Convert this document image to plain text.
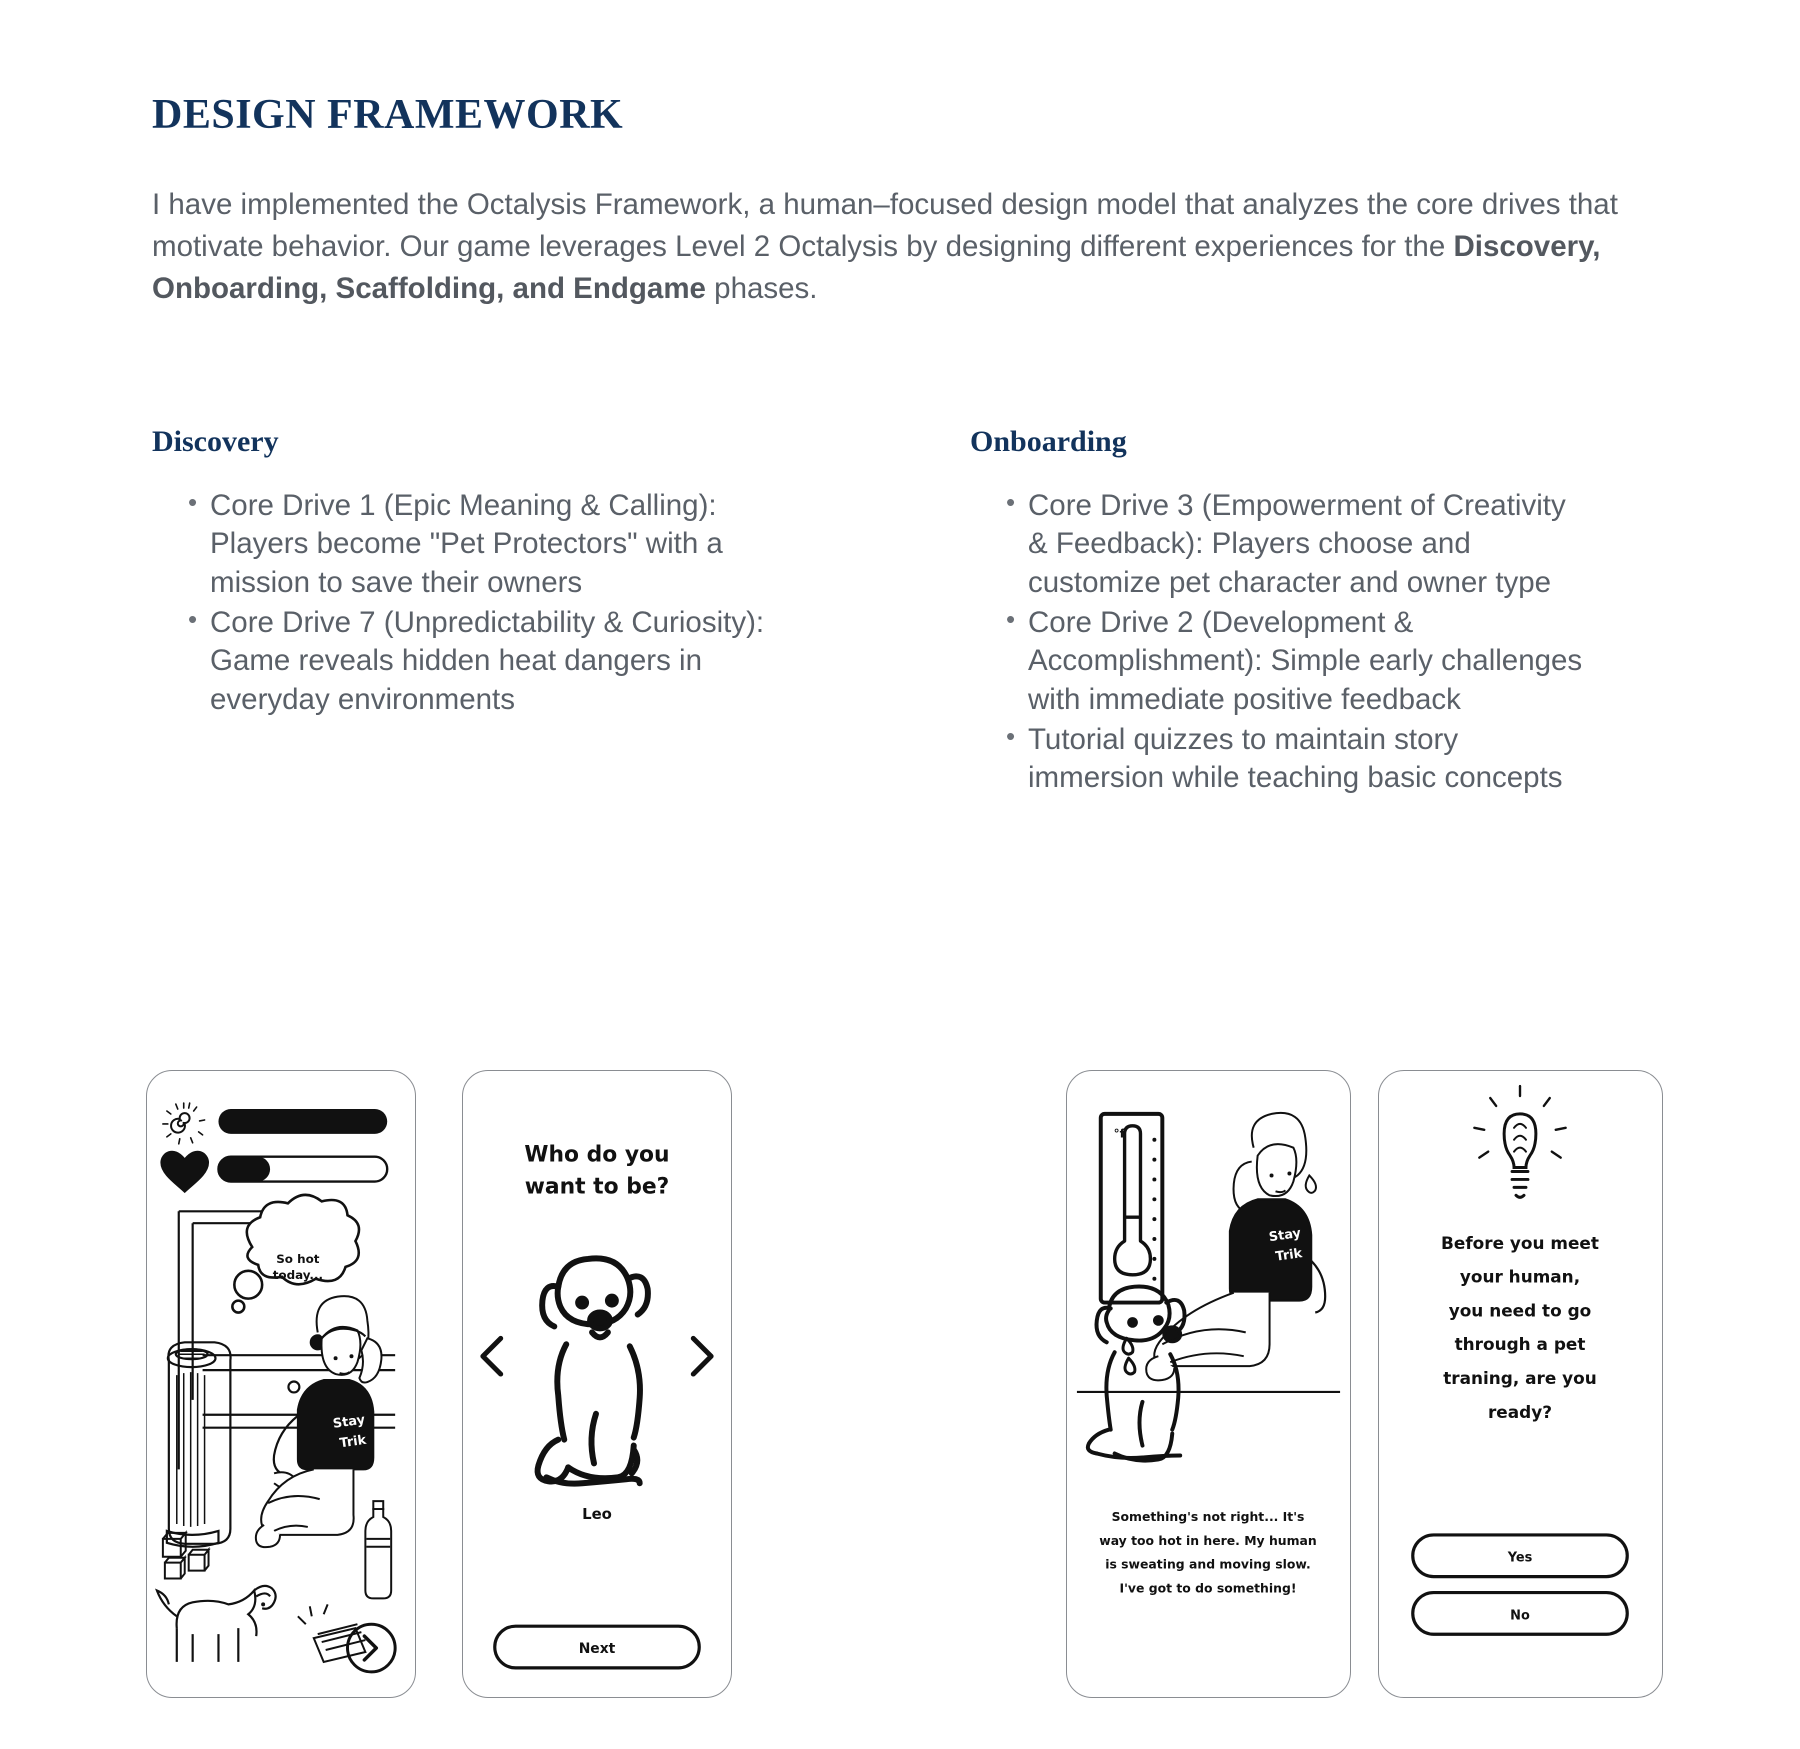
DESIGN FRAMEWORK

I have implemented the Octalysis Framework, a human–focused design model that analyzes the core drives that motivate behavior. Our game leverages Level 2 Octalysis by designing different experiences for the Discovery, Onboarding, Scaffolding, and Endgame phases.

Discovery
• Core Drive 1 (Epic Meaning & Calling): Players become "Pet Protectors" with a mission to save their owners
• Core Drive 7 (Unpredictability & Curiosity): Game reveals hidden heat dangers in everyday environments
Onboarding
• Core Drive 3 (Empowerment of Creativity & Feedback): Players choose and customize pet character and owner type
• Core Drive 2 (Development & Accomplishment): Simple early challenges with immediate positive feedback
• Tutorial quizzes to maintain story immersion while teaching basic concepts
So hot
today...
Stay
Trik
Who do you
want to be?
Leo
Next
°f
Stay
Trik
Something's not right... It's
way too hot in here. My human
is sweating and moving slow.
I've got to do something!
Before you meet
your human,
you need to go
through a pet
traning, are you
ready?
Yes
No
